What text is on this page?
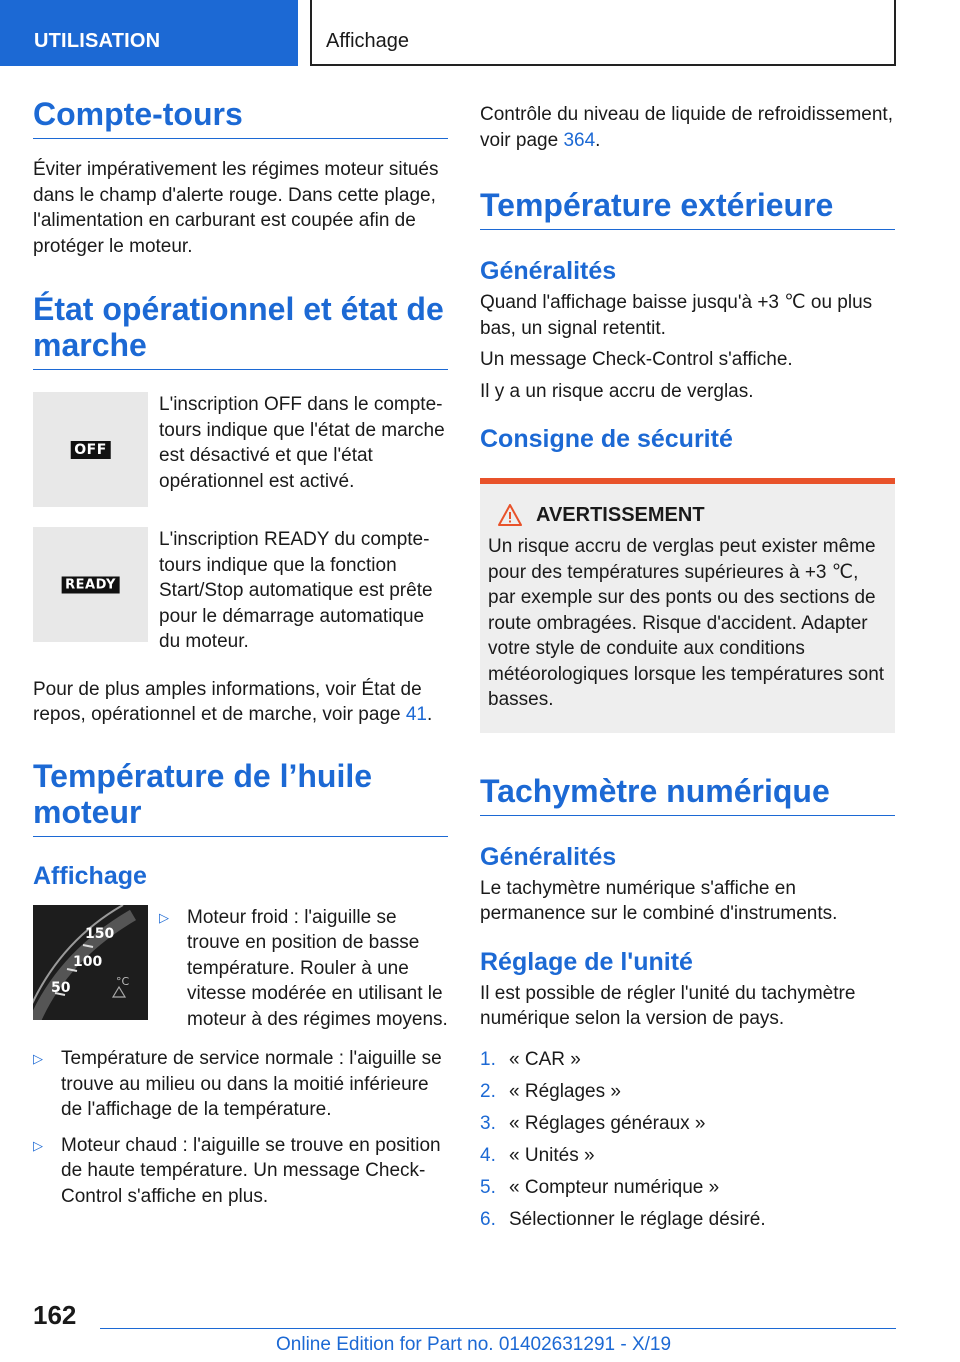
UTILISATION	Affichage
Compte-tours

Éviter impérativement les régimes moteur situés dans le champ d'alerte rouge. Dans cette plage, l'alimentation en carburant est coupée afin de protéger le moteur.

État opérationnel et état de marche
OFF

L'inscription OFF dans le compte-tours indique que l'état de marche est désactivé et que l'état opérationnel est activé.

READY

L'inscription READY du compte-tours indique que la fonction Start/Stop automatique est prête pour le démarrage automatique du moteur.

Pour de plus amples informations, voir État de repos, opérationnel et de marche, voir page 41.

Température de l’huile moteur
Affichage
150
100
50	°C
▷ Moteur froid : l'aiguille se trouve en position de basse température. Rouler à une vitesse modérée en utilisant le moteur à des régimes moyens.
▷ Température de service normale : l'aiguille se trouve au milieu ou dans la moitié inférieure de l'affichage de la température.
▷ Moteur chaud : l'aiguille se trouve en position de haute température. Un message Check-Control s'affiche en plus.

Contrôle du niveau de liquide de refroidissement, voir page 364.

Température extérieure
Généralités

Quand l'affichage baisse jusqu'à +3 ℃ ou plus bas, un signal retentit.

Un message Check-Control s'affiche.

Il y a un risque accru de verglas.

Consigne de sécurité
AVERTISSEMENT

Un risque accru de verglas peut exister même pour des températures supérieures à +3 ℃, par exemple sur des ponts ou des sections de route ombragées. Risque d'accident. Adapter votre style de conduite aux conditions météorologiques lorsque les températures sont basses.

Tachymètre numérique
Généralités

Le tachymètre numérique s'affiche en permanence sur le combiné d'instruments.

Réglage de l'unité

Il est possible de régler l'unité du tachymètre numérique selon la version de pays.

1. « CAR »
2. « Réglages »
3. « Réglages généraux »
4. « Unités »
5. « Compteur numérique »
6. Sélectionner le réglage désiré.
162
Online Edition for Part no. 01402631291 - X/19
